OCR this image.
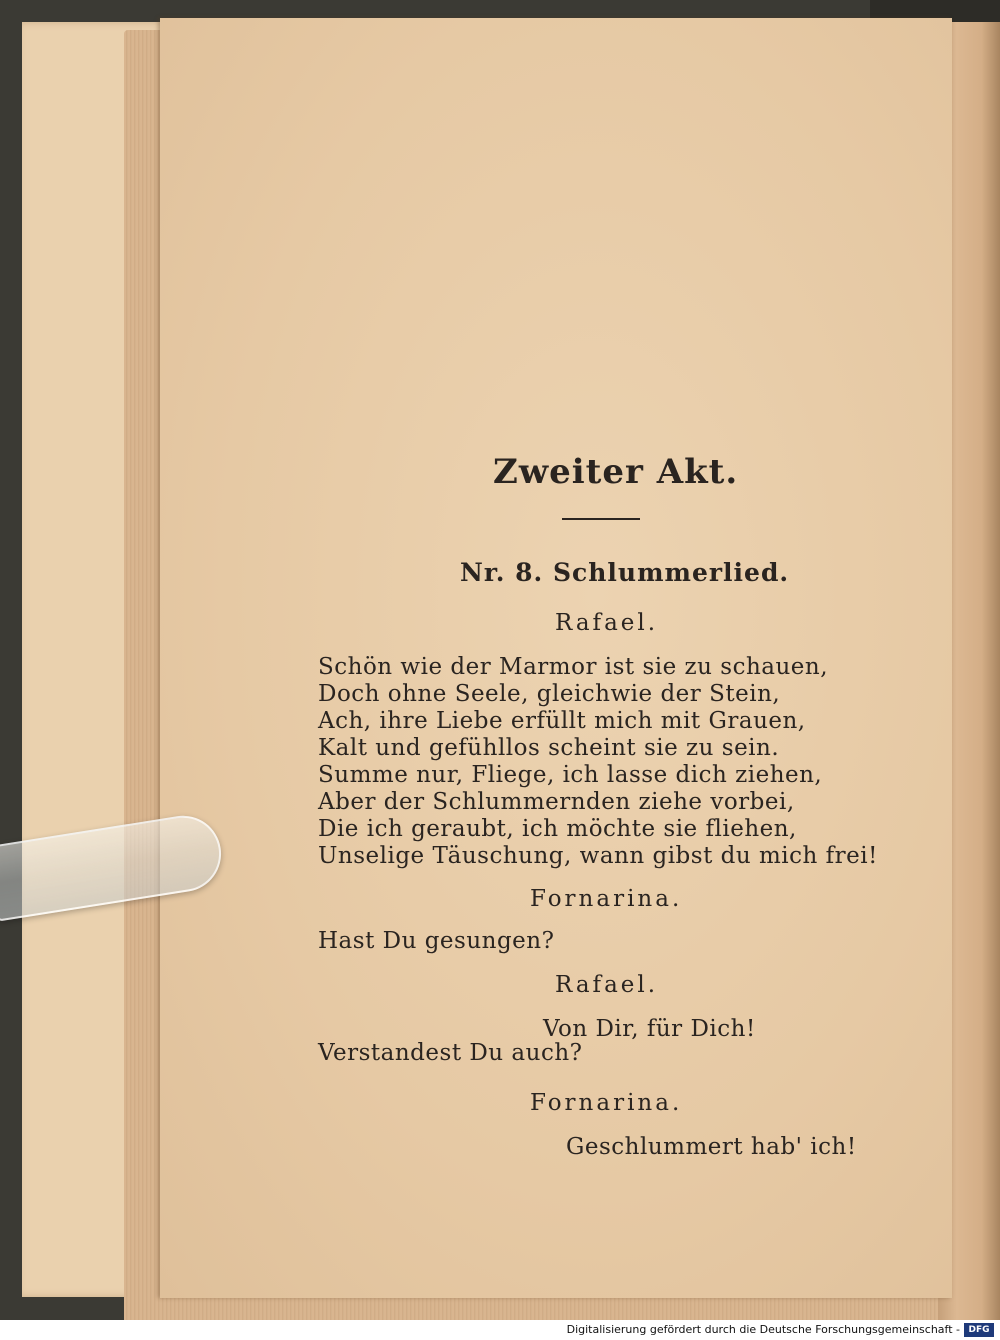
Zweiter Akt.
Nr. 8. Schlummerlied.
Rafael.
Schön wie der Marmor ist sie zu schauen,
Doch ohne Seele, gleichwie der Stein,
Ach, ihre Liebe erfüllt mich mit Grauen,
Kalt und gefühllos scheint sie zu sein.
Summe nur, Fliege, ich lasse dich ziehen,
Aber der Schlummernden ziehe vorbei,
Die ich geraubt, ich möchte sie fliehen,
Unselige Täuschung, wann gibst du mich frei!
Fornarina.
Hast Du gesungen?
Rafael.
Von Dir, für Dich!
Verstandest Du auch?
Fornarina.
Geschlummert hab' ich!
Digitalisierung gefördert durch die Deutsche Forschungsgemeinschaft - DFG
